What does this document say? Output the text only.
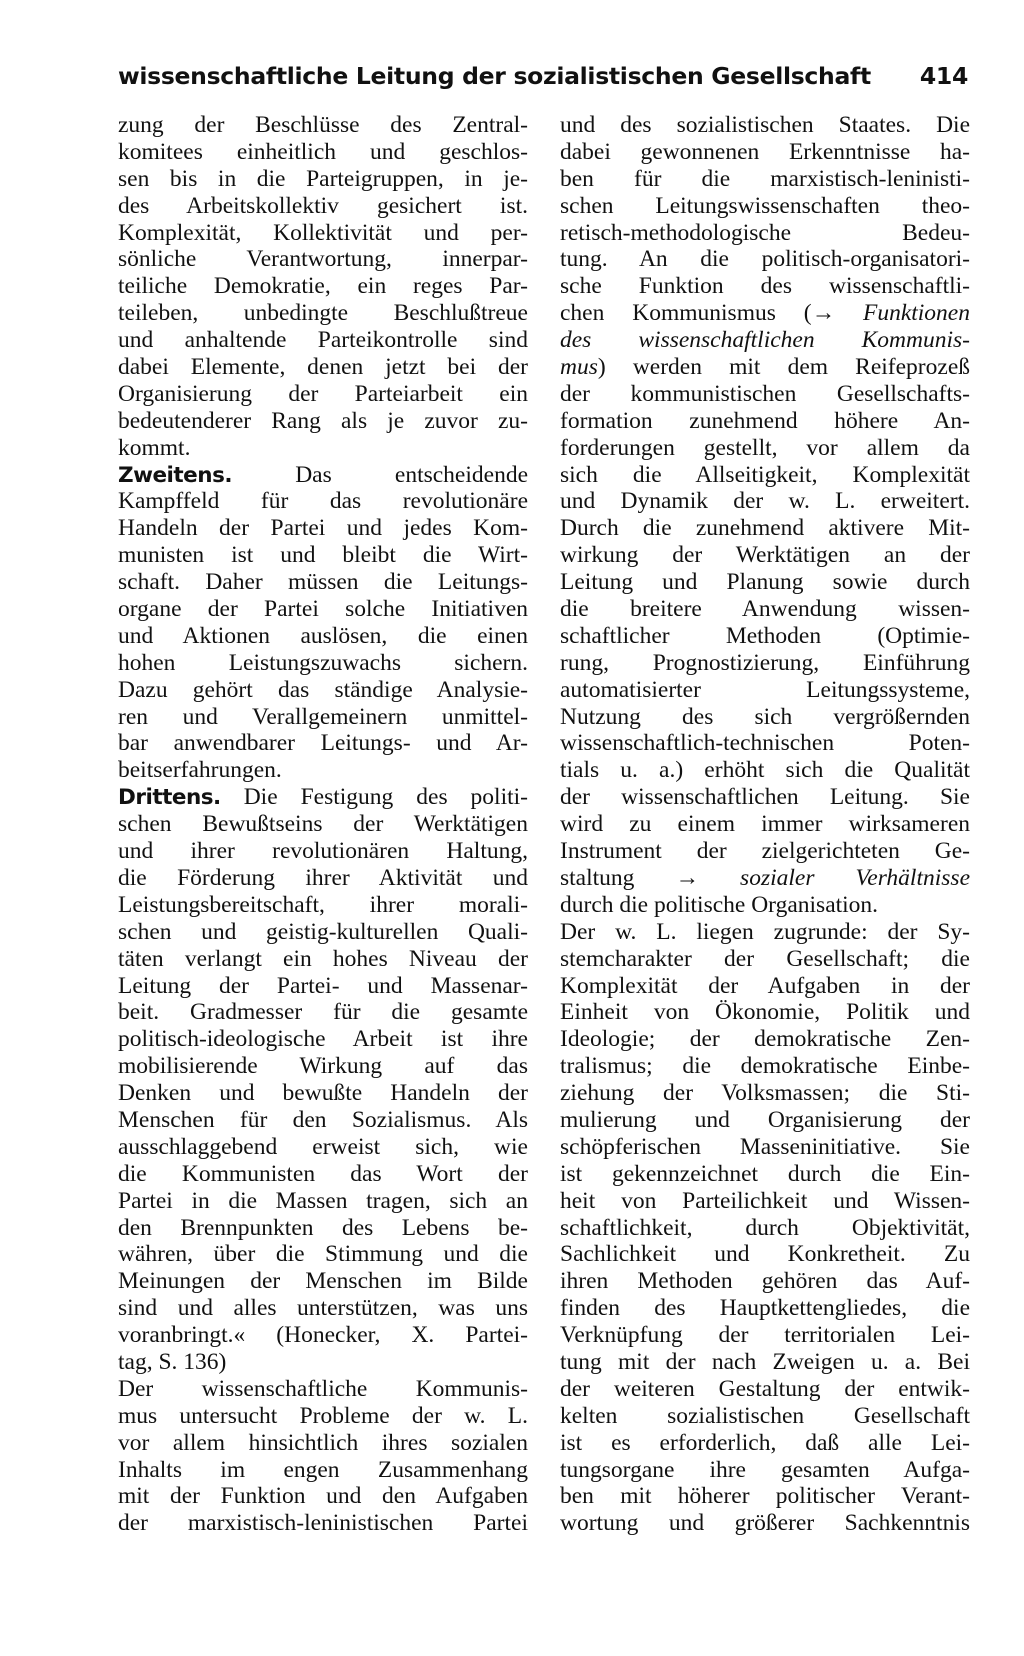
wissenschaftliche Leitung der sozialistischen Gesellschaft 414
zung der Beschlüsse des Zentral-
komitees einheitlich und geschlos-
sen bis in die Parteigruppen, in je-
des Arbeitskollektiv gesichert ist.
Komplexität, Kollektivität und per-
sönliche Verantwortung, innerpar-
teiliche Demokratie, ein reges Par-
teileben, unbedingte Beschlußtreue
und anhaltende Parteikontrolle sind
dabei Elemente, denen jetzt bei der
Organisierung der Parteiarbeit ein
bedeutenderer Rang als je zuvor zu-
kommt.
Zweitens.	Das entscheidende
Kampffeld für das revolutionäre
Handeln der Partei und jedes Kom-
munisten ist und bleibt die Wirt-
schaft. Daher müssen die Leitungs-
organe der Partei solche Initiativen
und Aktionen auslösen, die einen
hohen Leistungszuwachs sichern.
Dazu gehört das ständige Analysie-
ren und Verallgemeinern unmittel-
bar anwendbarer Leitungs- und Ar-
beitserfahrungen.
Drittens. Die Festigung des politi-
schen Bewußtseins der Werktätigen
und ihrer revolutionären Haltung,
die Förderung ihrer Aktivität und
Leistungsbereitschaft, ihrer morali-
schen und geistig-kulturellen Quali-
täten verlangt ein hohes Niveau der
Leitung der Partei- und Massenar-
beit. Gradmesser für die gesamte
politisch-ideologische Arbeit ist ihre
mobilisierende Wirkung auf das
Denken und bewußte Handeln der
Menschen für den Sozialismus. Als
ausschlaggebend erweist sich, wie
die Kommunisten das Wort der
Partei in die Massen tragen, sich an
den Brennpunkten des Lebens be-
währen, über die Stimmung und die
Meinungen der Menschen im Bilde
sind und alles unterstützen, was uns
voranbringt.« (Honecker, X. Partei-
tag, S. 136)
Der wissenschaftliche Kommunis-
mus untersucht Probleme der w. L.
vor allem hinsichtlich ihres sozialen
Inhalts im engen Zusammenhang
mit der Funktion und den Aufgaben
der marxistisch-leninistischen Partei
und des sozialistischen Staates. Die
dabei gewonnenen Erkenntnisse ha-
ben für die marxistisch-leninisti-
schen Leitungswissenschaften theo-
retisch-methodologische Bedeu-
tung. An die politisch-organisatori-
sche Funktion des wissenschaftli-
chen Kommunismus (→ Funktionen
des wissenschaftlichen Kommunis-
mus) werden mit dem Reifeprozeß
der kommunistischen Gesellschafts-
formation zunehmend höhere An-
forderungen gestellt, vor allem da
sich die Allseitigkeit, Komplexität
und Dynamik der w. L. erweitert.
Durch die zunehmend aktivere Mit-
wirkung der Werktätigen an der
Leitung und Planung sowie durch
die breitere Anwendung wissen-
schaftlicher Methoden (Optimie-
rung, Prognostizierung, Einführung
automatisierter Leitungssysteme,
Nutzung des sich vergrößernden
wissenschaftlich-technischen Poten-
tials u. a.) erhöht sich die Qualität
der wissenschaftlichen Leitung. Sie
wird zu einem immer wirksameren
Instrument der zielgerichteten Ge-
staltung → sozialer Verhältnisse
durch die politische Organisation.
Der w. L. liegen zugrunde: der Sy-
stemcharakter der Gesellschaft; die
Komplexität der Aufgaben in der
Einheit von Ökonomie, Politik und
Ideologie; der demokratische Zen-
tralismus; die demokratische Einbe-
ziehung der Volksmassen; die Sti-
mulierung und Organisierung der
schöpferischen Masseninitiative. Sie
ist gekennzeichnet durch die Ein-
heit von Parteilichkeit und Wissen-
schaftlichkeit, durch Objektivität,
Sachlichkeit und Konkretheit. Zu
ihren Methoden gehören das Auf-
finden des Hauptkettengliedes, die
Verknüpfung der territorialen Lei-
tung mit der nach Zweigen u. a. Bei
der weiteren Gestaltung der entwik-
kelten sozialistischen Gesellschaft
ist es erforderlich, daß alle Lei-
tungsorgane ihre gesamten Aufga-
ben mit höherer politischer Verant-
wortung und größerer Sachkenntnis
